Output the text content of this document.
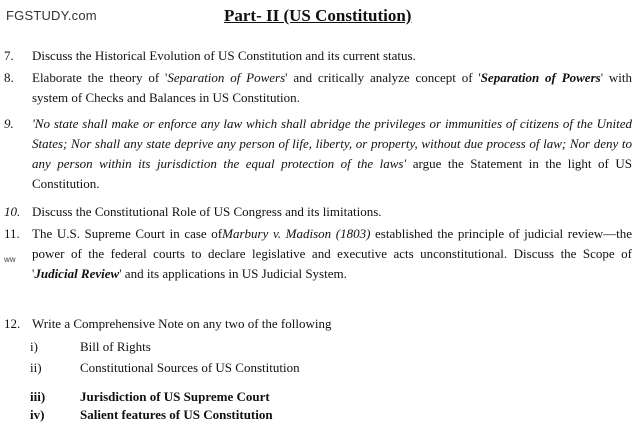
FGSTUDY.com
ww
Part- II (US Constitution)
7.	Discuss the Historical Evolution of US Constitution and its current status.
8.	Elaborate the theory of 'Separation of Powers' and critically analyze concept of 'Separation of Powers' with system of Checks and Balances in US Constitution.
9.	'No state shall make or enforce any law which shall abridge the privileges or immunities of citizens of the United States; Nor shall any state deprive any person of life, liberty, or property, without due process of law; Nor deny to any person within its jurisdiction the equal protection of the laws' argue the Statement in the light of US Constitution.
10. Discuss the Constitutional Role of US Congress and its limitations.
11. The U.S. Supreme Court in case ofMarbury v. Madison (1803) established the principle of judicial review—the power of the federal courts to declare legislative and executive acts unconstitutional. Discuss the Scope of 'Judicial Review' and its applications in US Judicial System.
12. Write a Comprehensive Note on any two of the following
i)	Bill of Rights
ii)	Constitutional Sources of US Constitution
iii)	Jurisdiction of US Supreme Court
iv)	Salient features of US Constitution
